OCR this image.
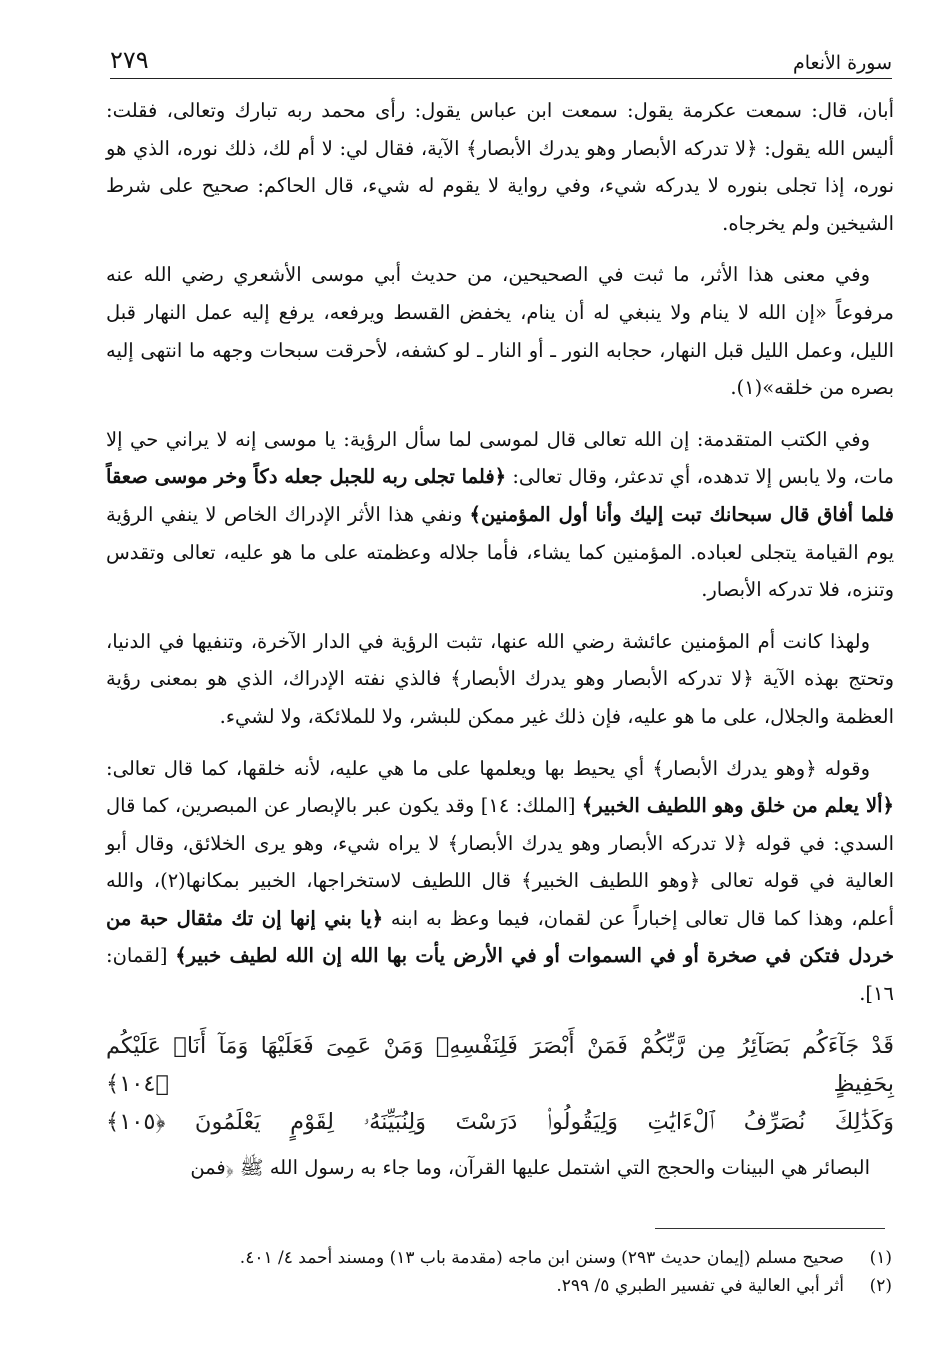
سورة الأنعام
٢٧٩

أبان، قال: سمعت عكرمة يقول: سمعت ابن عباس يقول: رأى محمد ربه تبارك وتعالى، فقلت: أليس الله يقول: ﴿لا تدركه الأبصار وهو يدرك الأبصار﴾ الآية، فقال لي: لا أم لك، ذلك نوره، الذي هو نوره، إذا تجلى بنوره لا يدركه شيء، وفي رواية لا يقوم له شيء، قال الحاكم: صحيح على شرط الشيخين ولم يخرجاه.

وفي معنى هذا الأثر، ما ثبت في الصحيحين، من حديث أبي موسى الأشعري رضي الله عنه مرفوعاً «إن الله لا ينام ولا ينبغي له أن ينام، يخفض القسط ويرفعه، يرفع إليه عمل النهار قبل الليل، وعمل الليل قبل النهار، حجابه النور ـ أو النار ـ لو كشفه، لأحرقت سبحات وجهه ما انتهى إليه بصره من خلقه»(١).

وفي الكتب المتقدمة: إن الله تعالى قال لموسى لما سأل الرؤية: يا موسى إنه لا يراني حي إلا مات، ولا يابس إلا تدهده، أي تدعثر، وقال تعالى: ﴿فلما تجلى ربه للجبل جعله دكاً وخر موسى صعقاً فلما أفاق قال سبحانك تبت إليك وأنا أول المؤمنين﴾ ونفي هذا الأثر الإدراك الخاص لا ينفي الرؤية يوم القيامة يتجلى لعباده. المؤمنين كما يشاء، فأما جلاله وعظمته على ما هو عليه، تعالى وتقدس وتنزه، فلا تدركه الأبصار.

ولهذا كانت أم المؤمنين عائشة رضي الله عنها، تثبت الرؤية في الدار الآخرة، وتنفيها في الدنيا، وتحتج بهذه الآية ﴿لا تدركه الأبصار وهو يدرك الأبصار﴾ فالذي نفته الإدراك، الذي هو بمعنى رؤية العظمة والجلال، على ما هو عليه، فإن ذلك غير ممكن للبشر، ولا للملائكة، ولا لشيء.

وقوله ﴿وهو يدرك الأبصار﴾ أي يحيط بها ويعلمها على ما هي عليه، لأنه خلقها، كما قال تعالى: ﴿ألا يعلم من خلق وهو اللطيف الخبير﴾ [الملك: ١٤] وقد يكون عبر بالإبصار عن المبصرين، كما قال السدي: في قوله ﴿لا تدركه الأبصار وهو يدرك الأبصار﴾ لا يراه شيء، وهو يرى الخلائق، وقال أبو العالية في قوله تعالى ﴿وهو اللطيف الخبير﴾ قال اللطيف لاستخراجها، الخبير بمكانها(٢)، والله أعلم، وهذا كما قال تعالى إخباراً عن لقمان، فيما وعظ به ابنه ﴿يا بني إنها إن تك مثقال حبة من خردل فتكن في صخرة أو في السموات أو في الأرض يأت بها الله إن الله لطيف خبير﴾ [لقمان: ١٦].

قَدْ جَآءَكُم بَصَآئِرُ مِن رَّبِّكُمْ فَمَنْ أَبْصَرَ فَلِنَفْسِهِۦ وَمَنْ عَمِىَ فَعَلَيْهَا وَمَآ أَنَا۠ عَلَيْكُم بِحَفِيظٍ ﴿١٠٤﴾
وَكَذَٰلِكَ نُصَرِّفُ ٱلْءَايَٰتِ وَلِيَقُولُوا۟ دَرَسْتَ وَلِنُبَيِّنَهُۥ لِقَوْمٍ يَعْلَمُونَ ﴿١٠٥﴾

البصائر هي البينات والحجج التي اشتمل عليها القرآن، وما جاء به رسول الله ﷺ ﴿فمن

(١)
صحيح مسلم (إيمان حديث ٢٩٣) وسنن ابن ماجه (مقدمة باب ١٣) ومسند أحمد ٤/ ٤٠١.
(٢)
أثر أبي العالية في تفسير الطبري ٥/ ٢٩٩.
